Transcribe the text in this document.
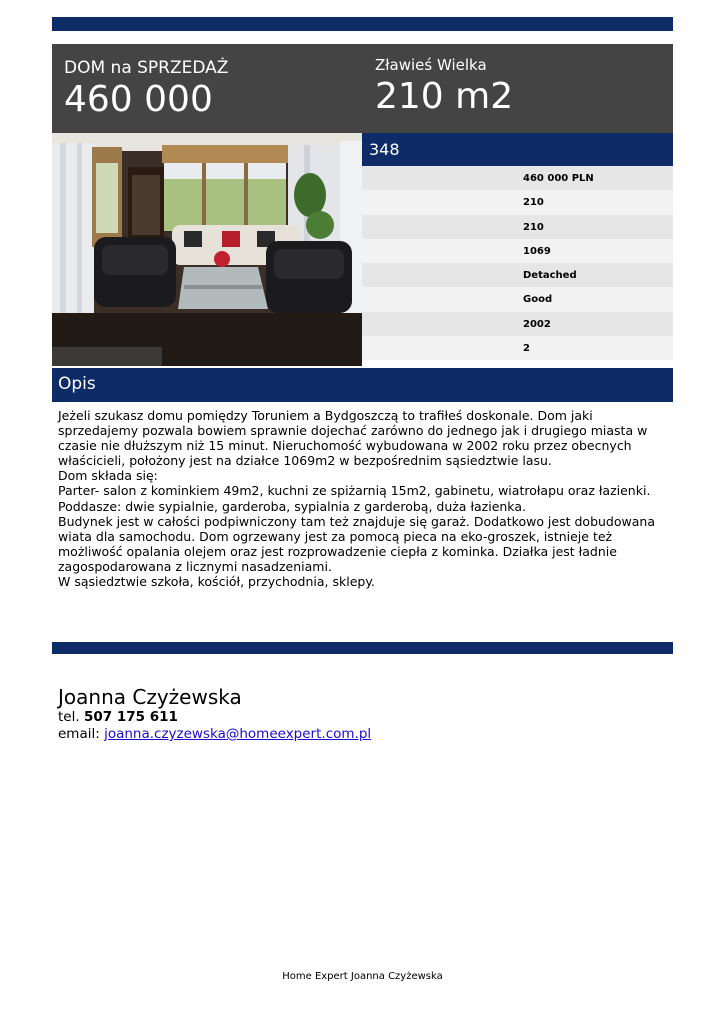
DOM na SPRZEDAŻ
460 000
Zławieś Wielka
210 m2
348
460 000 PLN
210
210
1069
Detached
Good
2002
2
Opis

Jeżeli szukasz domu pomiędzy Toruniem a Bydgoszczą to trafiłeś doskonale. Dom jaki sprzedajemy pozwala bowiem sprawnie dojechać zarówno do jednego jak i drugiego miasta w czasie nie dłuższym niż 15 minut. Nieruchomość wybudowana w 2002 roku przez obecnych właścicieli, położony jest na działce 1069m2 w bezpośrednim sąsiedztwie lasu.

Dom składa się:

Parter- salon z kominkiem 49m2, kuchni ze spiżarnią 15m2, gabinetu, wiatrołapu oraz łazienki.

Poddasze: dwie sypialnie, garderoba, sypialnia z garderobą, duża łazienka.

Budynek jest w całości podpiwniczony tam też znajduje się garaż. Dodatkowo jest dobudowana wiata dla samochodu. Dom ogrzewany jest za pomocą pieca na eko-groszek, istnieje też możliwość opalania olejem oraz jest rozprowadzenie ciepła z kominka. Działka jest ładnie zagospodarowana z licznymi nasadzeniami.

W sąsiedztwie szkoła, kościół, przychodnia, sklepy.

Joanna Czyżewska
tel. 507 175 611
email: joanna.czyzewska@homeexpert.com.pl
Home Expert Joanna Czyżewska
